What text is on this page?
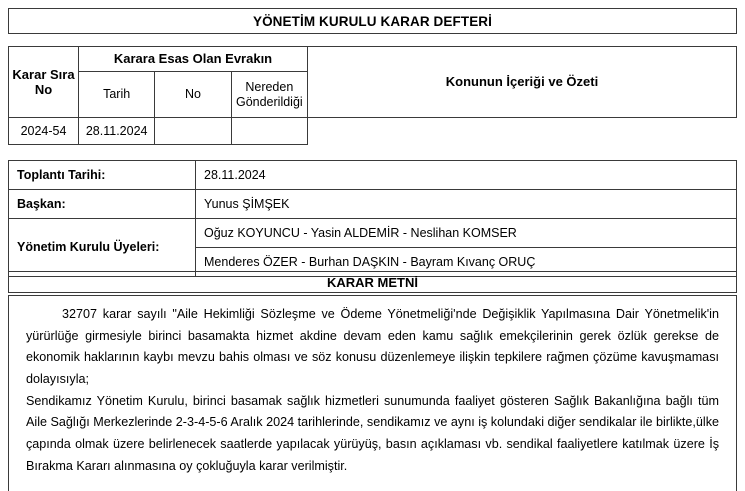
YÖNETİM KURULU KARAR DEFTERİ
Karar Sıra No	Karara Esas Olan Evrakın			Konunun İçeriği ve Özeti
	Tarih	No	Nereden Gönderildiği	
2024-54	28.11.2024			
Toplantı Tarihi:	28.11.2024
Başkan:	Yunus ŞİMŞEK
Yönetim Kurulu Üyeleri:	Oğuz KOYUNCU - Yasin ALDEMİR - Neslihan KOMSER
	Menderes ÖZER - Burhan DAŞKIN - Bayram Kıvanç ORUÇ
KARAR METNİ

32707 karar sayılı "Aile Hekimliği Sözleşme ve Ödeme Yönetmeliği'nde Değişiklik Yapılmasına Dair Yönetmelik'in yürürlüğe girmesiyle birinci basamakta hizmet akdine devam eden kamu sağlık emekçilerinin gerek özlük gerekse de ekonomik haklarının kaybı mevzu bahis olması ve söz konusu düzenlemeye ilişkin tepkilere rağmen çözüme kavuşmaması dolayısıyla;

Sendikamız Yönetim Kurulu, birinci basamak sağlık hizmetleri sunumunda faaliyet gösteren Sağlık Bakanlığına bağlı tüm Aile Sağlığı Merkezlerinde 2-3-4-5-6 Aralık 2024 tarihlerinde, sendikamız ve aynı iş kolundaki diğer sendikalar ile birlikte,ülke çapında olmak üzere belirlenecek saatlerde yapılacak yürüyüş, basın açıklaması vb. sendikal faaliyetlere katılmak üzere İş Bırakma Kararı alınmasına oy çokluğuyla karar verilmiştir.
